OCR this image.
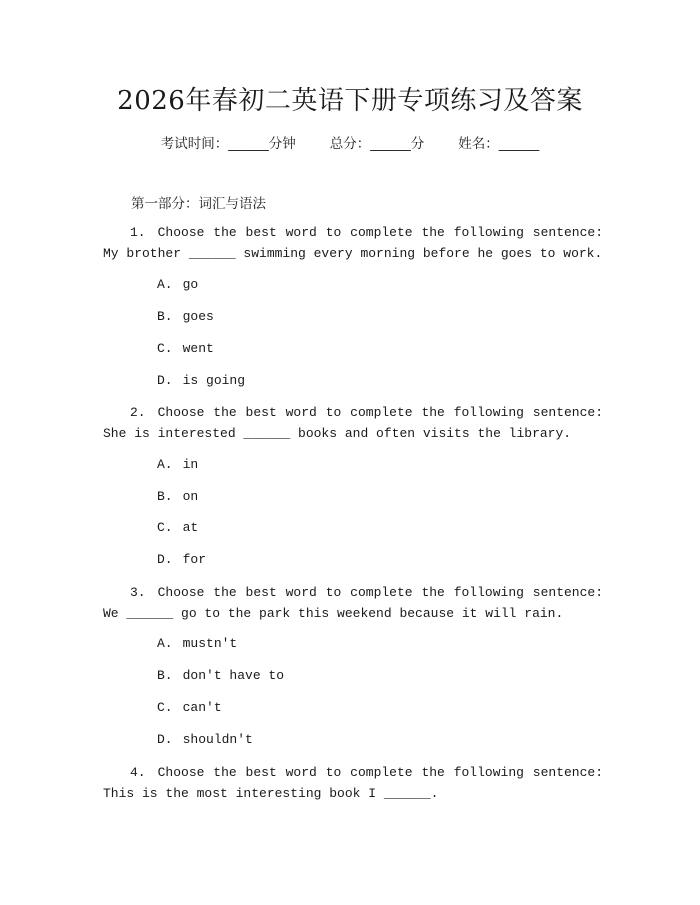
2026年春初二英语下册专项练习及答案
考试时间：______分钟	总分：______分	姓名：______
第一部分：词汇与语法
1. Choose the best word to complete the following sentence: My brother ______ swimming every morning before he goes to work.
A. go
B. goes
C. went
D. is going
2. Choose the best word to complete the following sentence: She is interested ______ books and often visits the library.
A. in
B. on
C. at
D. for
3. Choose the best word to complete the following sentence: We ______ go to the park this weekend because it will rain.
A. mustn't
B. don't have to
C. can't
D. shouldn't
4. Choose the best word to complete the following sentence: This is the most interesting book I ______.
